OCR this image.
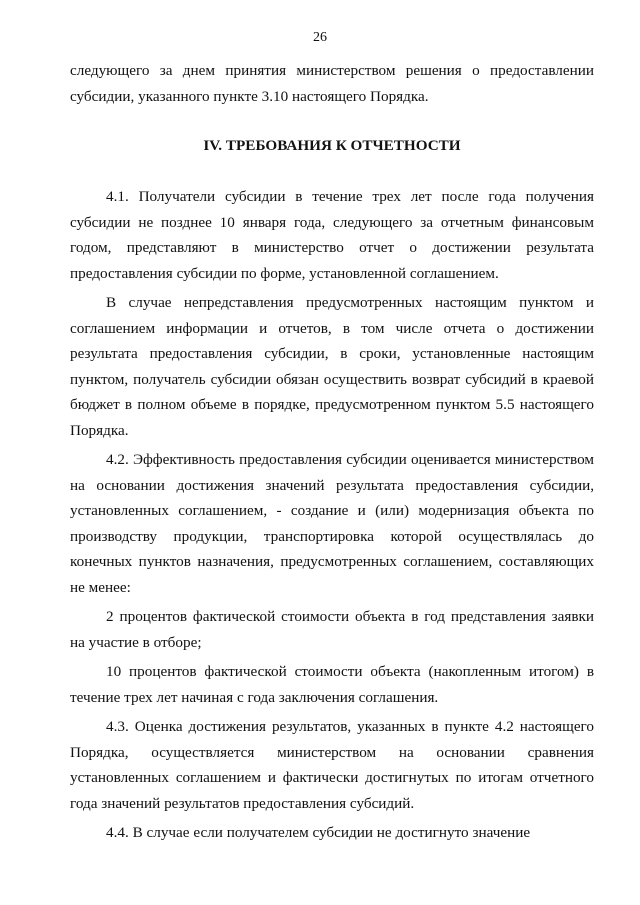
26

следующего за днем принятия министерством решения о предоставлении субсидии, указанного пункте 3.10 настоящего Порядка.

IV. ТРЕБОВАНИЯ К ОТЧЕТНОСТИ

4.1. Получатели субсидии в течение трех лет после года получения субсидии не позднее 10 января года, следующего за отчетным финансовым годом, представляют в министерство отчет о достижении результата предоставления субсидии по форме, установленной соглашением.

В случае непредставления предусмотренных настоящим пунктом и соглашением информации и отчетов, в том числе отчета о достижении результата предоставления субсидии, в сроки, установленные настоящим пунктом, получатель субсидии обязан осуществить возврат субсидий в краевой бюджет в полном объеме в порядке, предусмотренном пунктом 5.5 настоящего Порядка.

4.2. Эффективность предоставления субсидии оценивается министерством на основании достижения значений результата предоставления субсидии, установленных соглашением, - создание и (или) модернизация объекта по производству продукции, транспортировка которой осуществлялась до конечных пунктов назначения, предусмотренных соглашением, составляющих не менее:

2 процентов фактической стоимости объекта в год представления заявки на участие в отборе;

10 процентов фактической стоимости объекта (накопленным итогом) в течение трех лет начиная с года заключения соглашения.

4.3. Оценка достижения результатов, указанных в пункте 4.2 настоящего Порядка, осуществляется министерством на основании сравнения установленных соглашением и фактически достигнутых по итогам отчетного года значений результатов предоставления субсидий.

4.4. В случае если получателем субсидии не достигнуто значение
